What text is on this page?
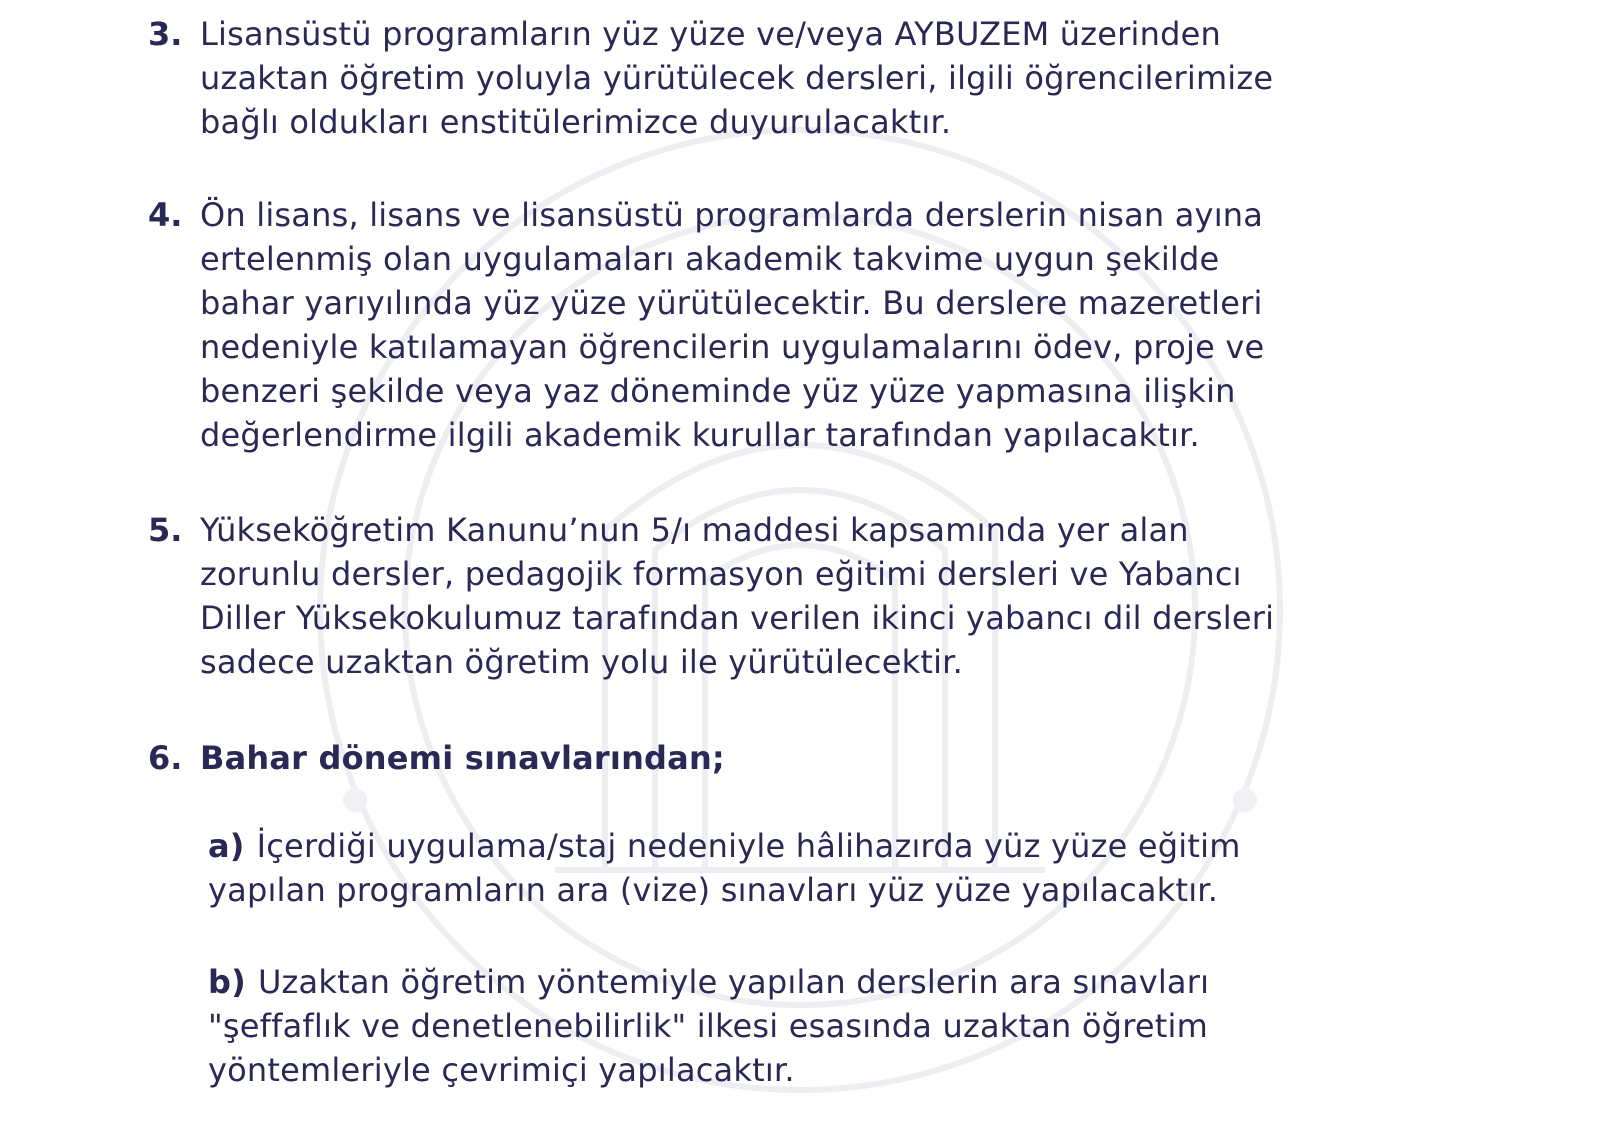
3. Lisansüstü programların yüz yüze ve/veya AYBUZEM üzerinden
uzaktan öğretim yoluyla yürütülecek dersleri, ilgili öğrencilerimize
bağlı oldukları enstitülerimizce duyurulacaktır.
4. Ön lisans, lisans ve lisansüstü programlarda derslerin nisan ayına
ertelenmiş olan uygulamaları akademik takvime uygun şekilde
bahar yarıyılında yüz yüze yürütülecektir. Bu derslere mazeretleri
nedeniyle katılamayan öğrencilerin uygulamalarını ödev, proje ve
benzeri şekilde veya yaz döneminde yüz yüze yapmasına ilişkin
değerlendirme ilgili akademik kurullar tarafından yapılacaktır.
5. Yükseköğretim Kanunu’nun 5/ı maddesi kapsamında yer alan
zorunlu dersler, pedagojik formasyon eğitimi dersleri ve Yabancı
Diller Yüksekokulumuz tarafından verilen ikinci yabancı dil dersleri
sadece uzaktan öğretim yolu ile yürütülecektir.
6. Bahar dönemi sınavlarından;
a) İçerdiği uygulama/staj nedeniyle hâlihazırda yüz yüze eğitim
yapılan programların ara (vize) sınavları yüz yüze yapılacaktır.
b) Uzaktan öğretim yöntemiyle yapılan derslerin ara sınavları
"şeffaflık ve denetlenebilirlik" ilkesi esasında uzaktan öğretim
yöntemleriyle çevrimiçi yapılacaktır.
